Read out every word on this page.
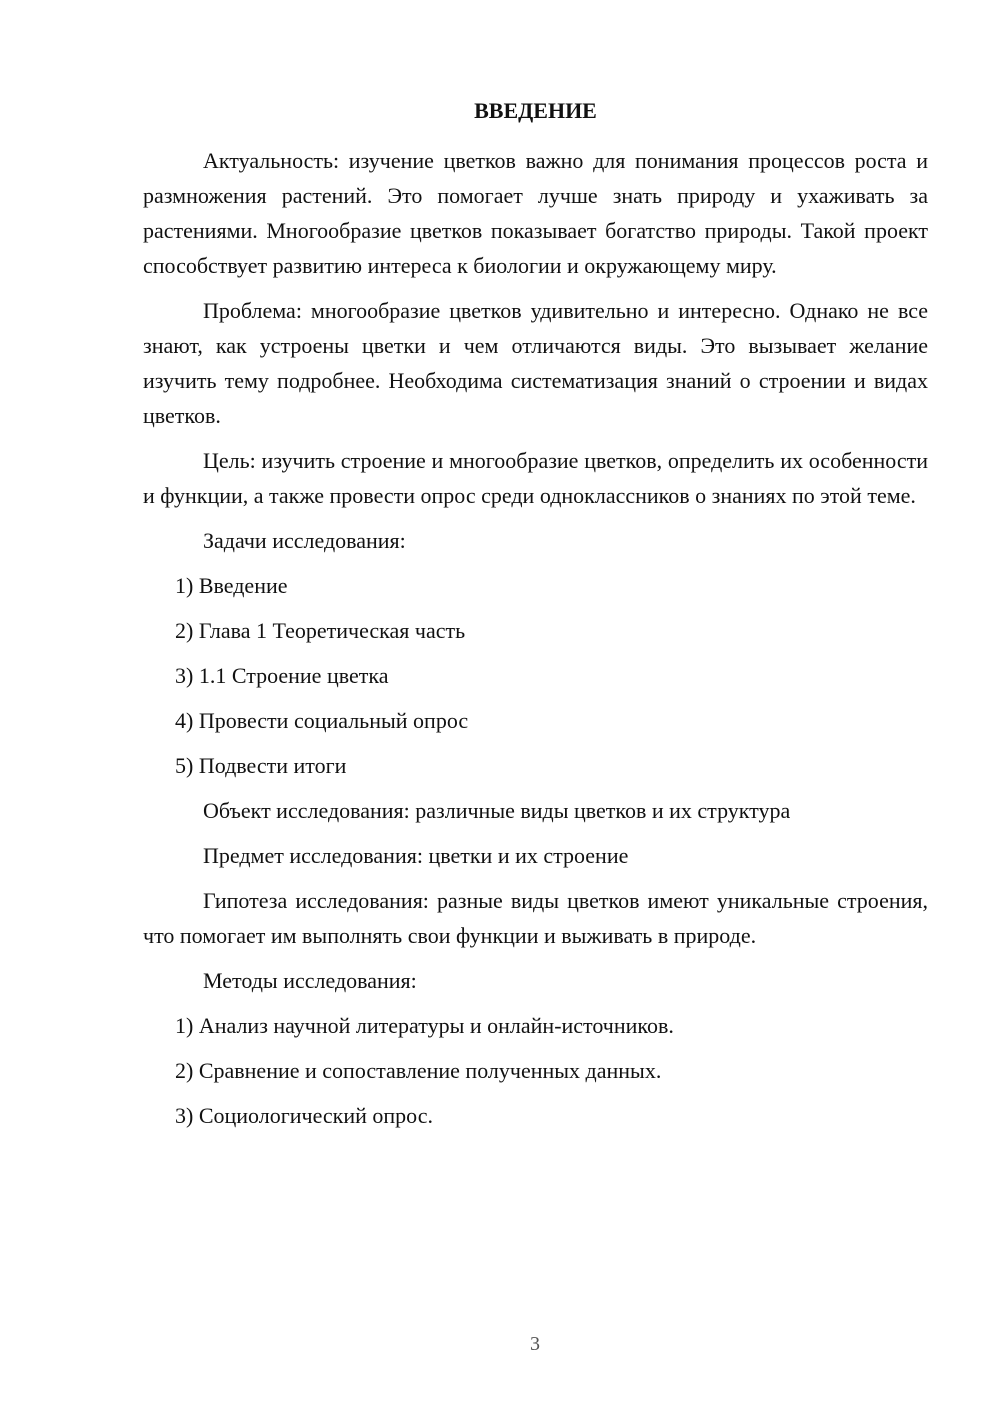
ВВЕДЕНИЕ

Актуальность: изучение цветков важно для понимания процессов роста и размножения растений. Это помогает лучше знать природу и ухаживать за растениями. Многообразие цветков показывает богатство природы. Такой проект способствует развитию интереса к биологии и окружающему миру.

Проблема: многообразие цветков удивительно и интересно. Однако не все знают, как устроены цветки и чем отличаются виды. Это вызывает желание изучить тему подробнее. Необходима систематизация знаний о строении и видах цветков.

Цель: изучить строение и многообразие цветков, определить их особенности и функции, а также провести опрос среди одноклассников о знаниях по этой теме.

Задачи исследования:
1) Введение
2) Глава 1 Теоретическая часть
3) 1.1 Строение цветка
4) Провести социальный опрос
5) Подвести итоги
Объект исследования: различные виды цветков и их структура
Предмет исследования: цветки и их строение

Гипотеза исследования: разные виды цветков имеют уникальные строения, что помогает им выполнять свои функции и выживать в природе.

Методы исследования:
1) Анализ научной литературы и онлайн-источников.
2) Сравнение и сопоставление полученных данных.
3) Социологический опрос.
3
